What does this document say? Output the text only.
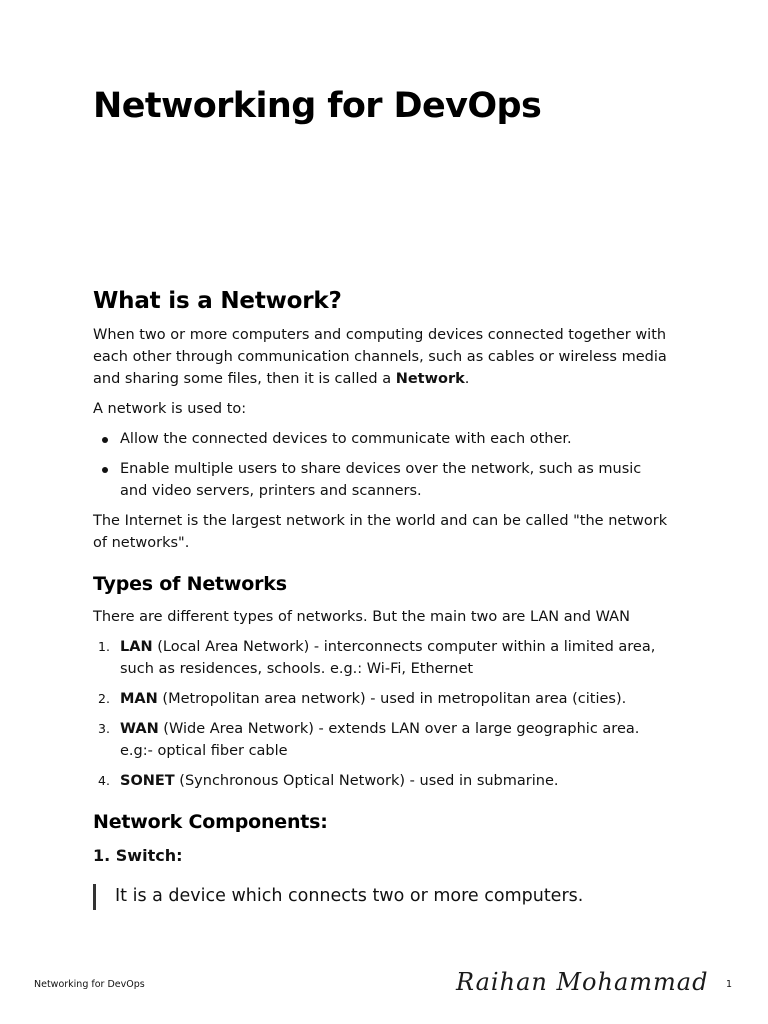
Networking for DevOps
What is a Network?

When two or more computers and computing devices connected together with each other through communication channels, such as cables or wireless media and sharing some files, then it is called a Network.

A network is used to:

Allow the connected devices to communicate with each other.
Enable multiple users to share devices over the network, such as music and video servers, printers and scanners.

The Internet is the largest network in the world and can be called "the network of networks".

Types of Networks

There are different types of networks. But the main two are LAN and WAN

1. LAN (Local Area Network) - interconnects computer within a limited area, such as residences, schools. e.g.: Wi-Fi, Ethernet
2. MAN (Metropolitan area network) - used in metropolitan area (cities).
3. WAN (Wide Area Network) - extends LAN over a large geographic area. e.g:- optical fiber cable
4. SONET (Synchronous Optical Network) - used in submarine.
Network Components:
1. Switch:
It is a device which connects two or more computers.
Networking for DevOps	Raihan Mohammad 1
